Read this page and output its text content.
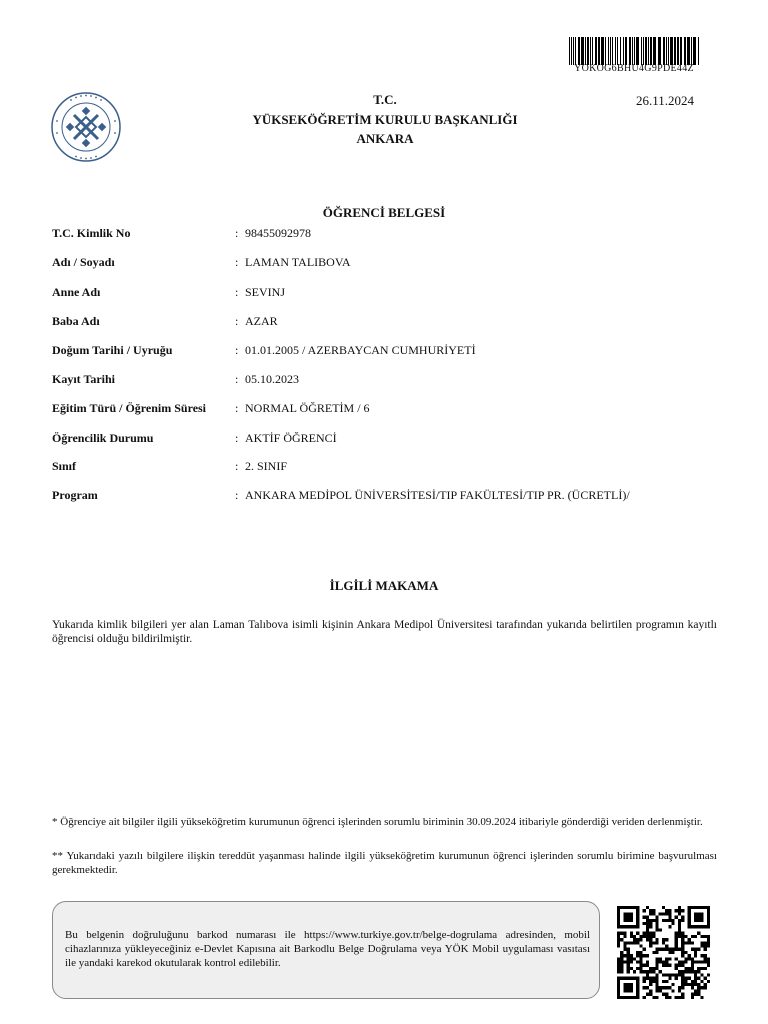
YOKOG6BHU4G9PDE44Z
T.C.
YÜKSEKÖĞRETİM KURULU BAŞKANLIĞI
ANKARA
26.11.2024
ÖĞRENCİ BELGESİ
T.C. Kimlik No	: 98455092978
Adı / Soyadı	: LAMAN TALIBOVA
Anne Adı	: SEVINJ
Baba Adı	: AZAR
Doğum Tarihi / Uyruğu	: 01.01.2005 / AZERBAYCAN CUMHURİYETİ
Kayıt Tarihi	: 05.10.2023
Eğitim Türü / Öğrenim Süresi : NORMAL ÖĞRETİM / 6
Öğrencilik Durumu	: AKTİF ÖĞRENCİ
Sınıf	: 2. SINIF
Program	: ANKARA MEDİPOL ÜNİVERSİTESİ/TIP FAKÜLTESİ/TIP PR. (ÜCRETLİ)/
İLGİLİ MAKAMA
Yukarıda kimlik bilgileri yer alan Laman Talıbova isimli kişinin Ankara Medipol Üniversitesi tarafından yukarıda belirtilen programın kayıtlı öğrencisi olduğu bildirilmiştir.
* Öğrenciye ait bilgiler ilgili yükseköğretim kurumunun öğrenci işlerinden sorumlu biriminin 30.09.2024 itibariyle gönderdiği veriden derlenmiştir.
** Yukarıdaki yazılı bilgilere ilişkin tereddüt yaşanması halinde ilgili yükseköğretim kurumunun öğrenci işlerinden sorumlu birimine başvurulması gerekmektedir.
Bu belgenin doğruluğunu barkod numarası ile https://www.turkiye.gov.tr/belge-dogrulama adresinden, mobil cihazlarınıza yükleyeceğiniz e-Devlet Kapısına ait Barkodlu Belge Doğrulama veya YÖK Mobil uygulaması vasıtası ile yandaki karekod okutularak kontrol edilebilir.
